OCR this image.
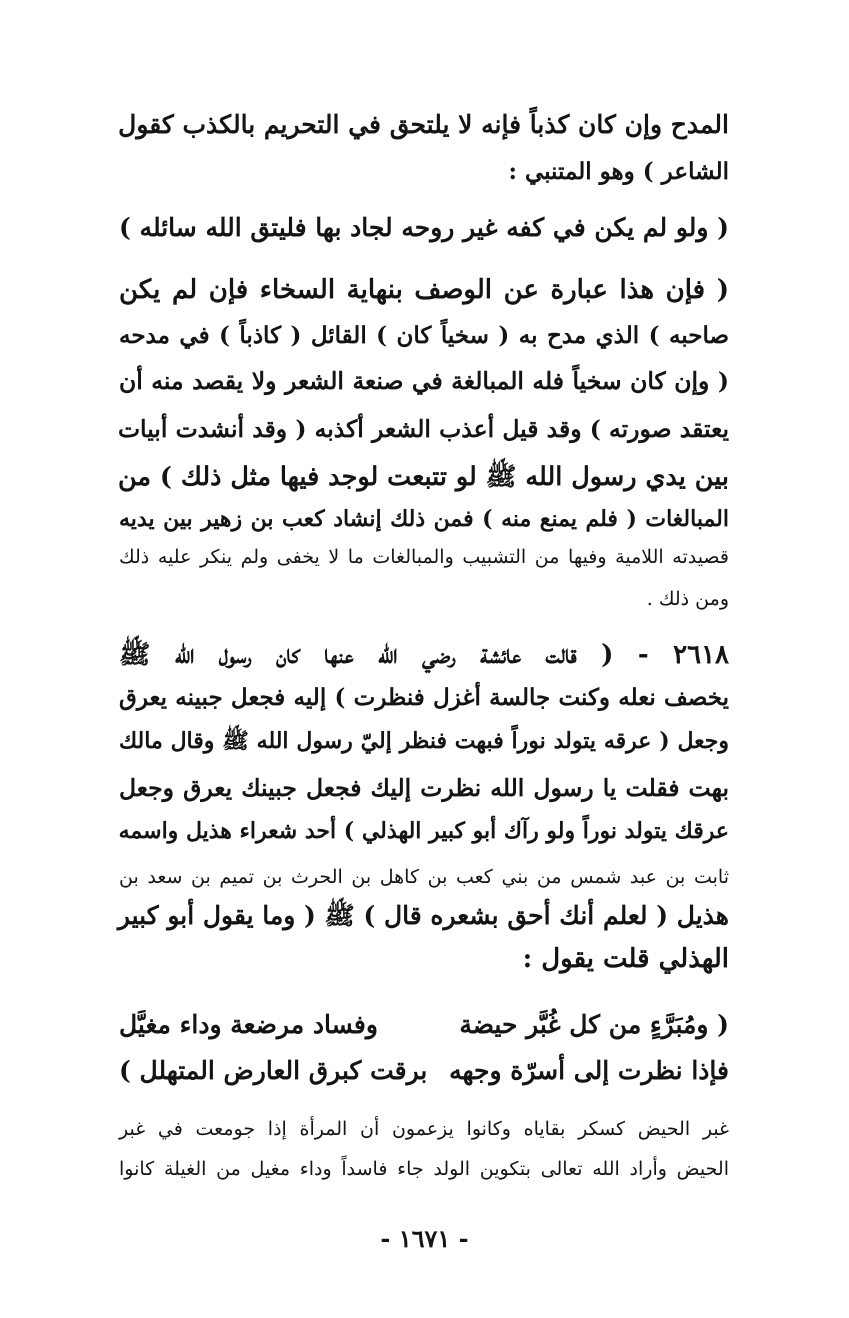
المدح وإن كان كذباً فإنه لا يلتحق في التحريم بالكذب كقول
الشاعر ) وهو المتنبي :
( ولو لم يكن في كفه غير روحه لجاد بها فليتق الله سائله )
( فإن هذا عبارة عن الوصف بنهاية السخاء فإن لم يكن
صاحبه ) الذي مدح به ( سخياً كان ) القائل ( كاذباً ) في مدحه
( وإن كان سخياً فله المبالغة في صنعة الشعر ولا يقصد منه أن
يعتقد صورته ) وقد قيل أعذب الشعر أكذبه ( وقد أنشدت أبيات
بين يدي رسول الله ﷺ لو تتبعت لوجد فيها مثل ذلك ) من
المبالغات ( فلم يمنع منه ) فمن ذلك إنشاد كعب بن زهير بين يديه
قصيدته اللامية وفيها من التشبيب والمبالغات ما لا يخفى ولم ينكر عليه ذلك
ومن ذلك .
٢٦١٨ - ( قالت عائشة رضي الله عنها كان رسول الله ﷺ
يخصف نعله وكنت جالسة أغزل فنظرت ) إليه فجعل جبينه يعرق
وجعل ( عرقه يتولد نوراً فبهت فنظر إليّ رسول الله ﷺ وقال مالك
بهت فقلت يا رسول الله نظرت إليك فجعل جبينك يعرق وجعل
عرقك يتولد نوراً ولو رآك أبو كبير الهذلي ) أحد شعراء هذيل واسمه
ثابت بن عبد شمس من بني كعب بن كاهل بن الحرث بن تميم بن سعد بن
هذيل ( لعلم أنك أحق بشعره قال ) ﷺ ( وما يقول أبو كبير
الهذلي قلت يقول :
( ومُبَرَّءٍ من كل غُبَّر حيضة
وفساد مرضعة وداء مغيَّل
فإذا نظرت إلى أسرّة وجهه
برقت كبرق العارض المتهلل )
غبر الحيض كسكر بقاياه وكانوا يزعمون أن المرأة إذا جومعت في غبر
الحيض وأراد الله تعالى بتكوين الولد جاء فاسداً وداء مغيل من الغيلة كانوا
- ١٦٧١ -
